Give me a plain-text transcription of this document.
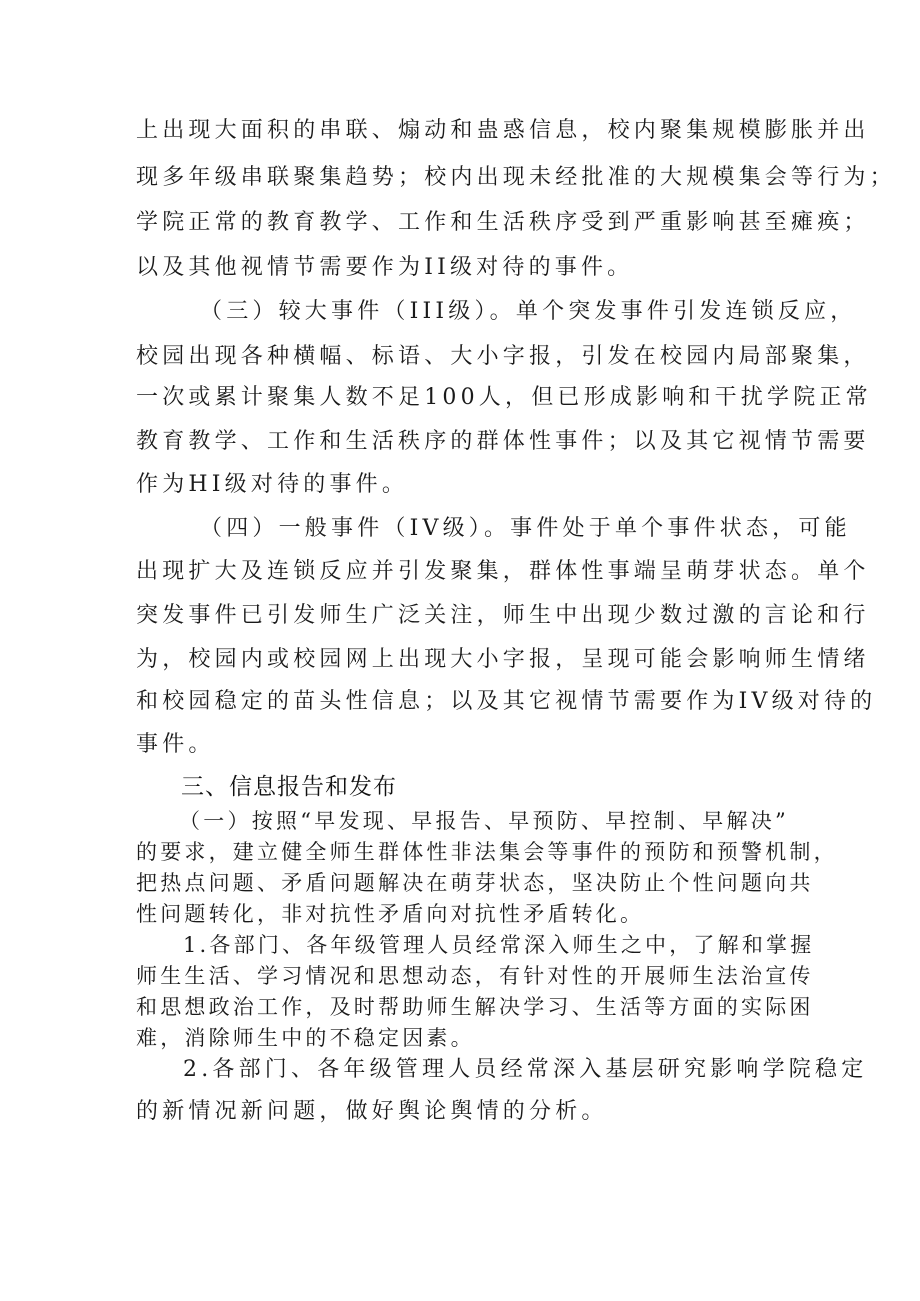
上出现大面积的串联、煽动和蛊惑信息，校内聚集规模膨胀并出
现多年级串联聚集趋势；校内出现未经批准的大规模集会等行为；
学院正常的教育教学、工作和生活秩序受到严重影响甚至瘫痪；
以及其他视情节需要作为II级对待的事件。
（三）较大事件（III级）。单个突发事件引发连锁反应，
校园出现各种横幅、标语、大小字报，引发在校园内局部聚集，
一次或累计聚集人数不足100人，但已形成影响和干扰学院正常
教育教学、工作和生活秩序的群体性事件；以及其它视情节需要
作为HI级对待的事件。
（四）一般事件（IV级）。事件处于单个事件状态，可能
出现扩大及连锁反应并引发聚集，群体性事端呈萌芽状态。单个
突发事件已引发师生广泛关注，师生中出现少数过激的言论和行
为，校园内或校园网上出现大小字报，呈现可能会影响师生情绪
和校园稳定的苗头性信息；以及其它视情节需要作为IV级对待的
事件。
三、信息报告和发布
（一）按照“早发现、早报告、早预防、早控制、早解决”
的要求，建立健全师生群体性非法集会等事件的预防和预警机制，
把热点问题、矛盾问题解决在萌芽状态，坚决防止个性问题向共
性问题转化，非对抗性矛盾向对抗性矛盾转化。
1.各部门、各年级管理人员经常深入师生之中，了解和掌握
师生生活、学习情况和思想动态，有针对性的开展师生法治宣传
和思想政治工作，及时帮助师生解决学习、生活等方面的实际困
难，消除师生中的不稳定因素。
2.各部门、各年级管理人员经常深入基层研究影响学院稳定
的新情况新问题，做好舆论舆情的分析。
